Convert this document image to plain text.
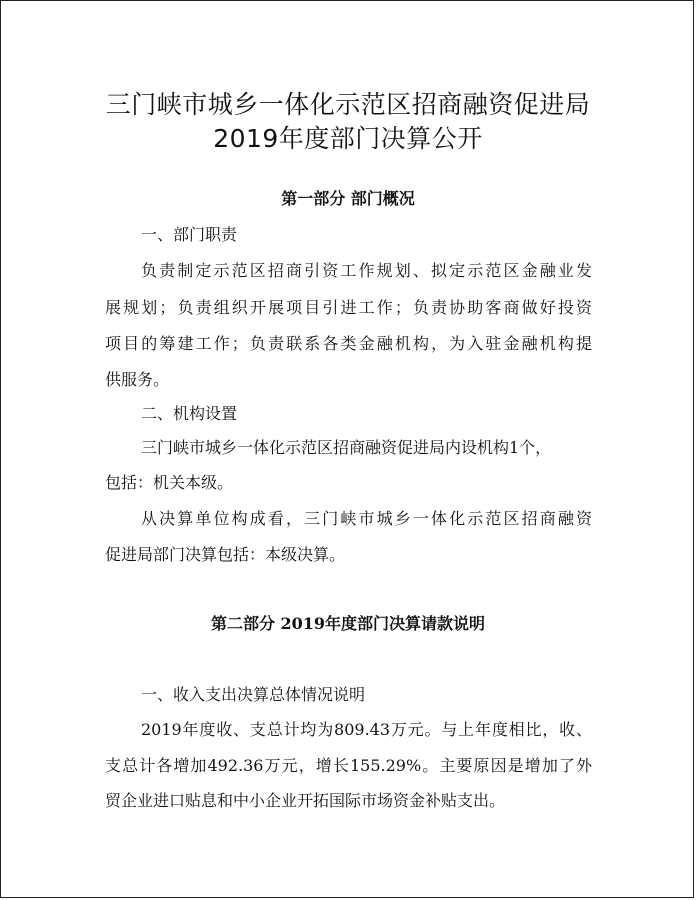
三门峡市城乡一体化示范区招商融资促进局
2019年度部门决算公开
第一部分 部门概况
一、部门职责
负责制定示范区招商引资工作规划、拟定示范区金融业发
展规划；负责组织开展项目引进工作；负责协助客商做好投资
项目的筹建工作；负责联系各类金融机构，为入驻金融机构提
供服务。
二、机构设置
三门峡市城乡一体化示范区招商融资促进局内设机构1个，
包括：机关本级。
从决算单位构成看，三门峡市城乡一体化示范区招商融资
促进局部门决算包括：本级决算。
第二部分 2019年度部门决算请款说明
一、收入支出决算总体情况说明
2019年度收、支总计均为809.43万元。与上年度相比，收、
支总计各增加492.36万元，增长155.29%。主要原因是增加了外
贸企业进口贴息和中小企业开拓国际市场资金补贴支出。
